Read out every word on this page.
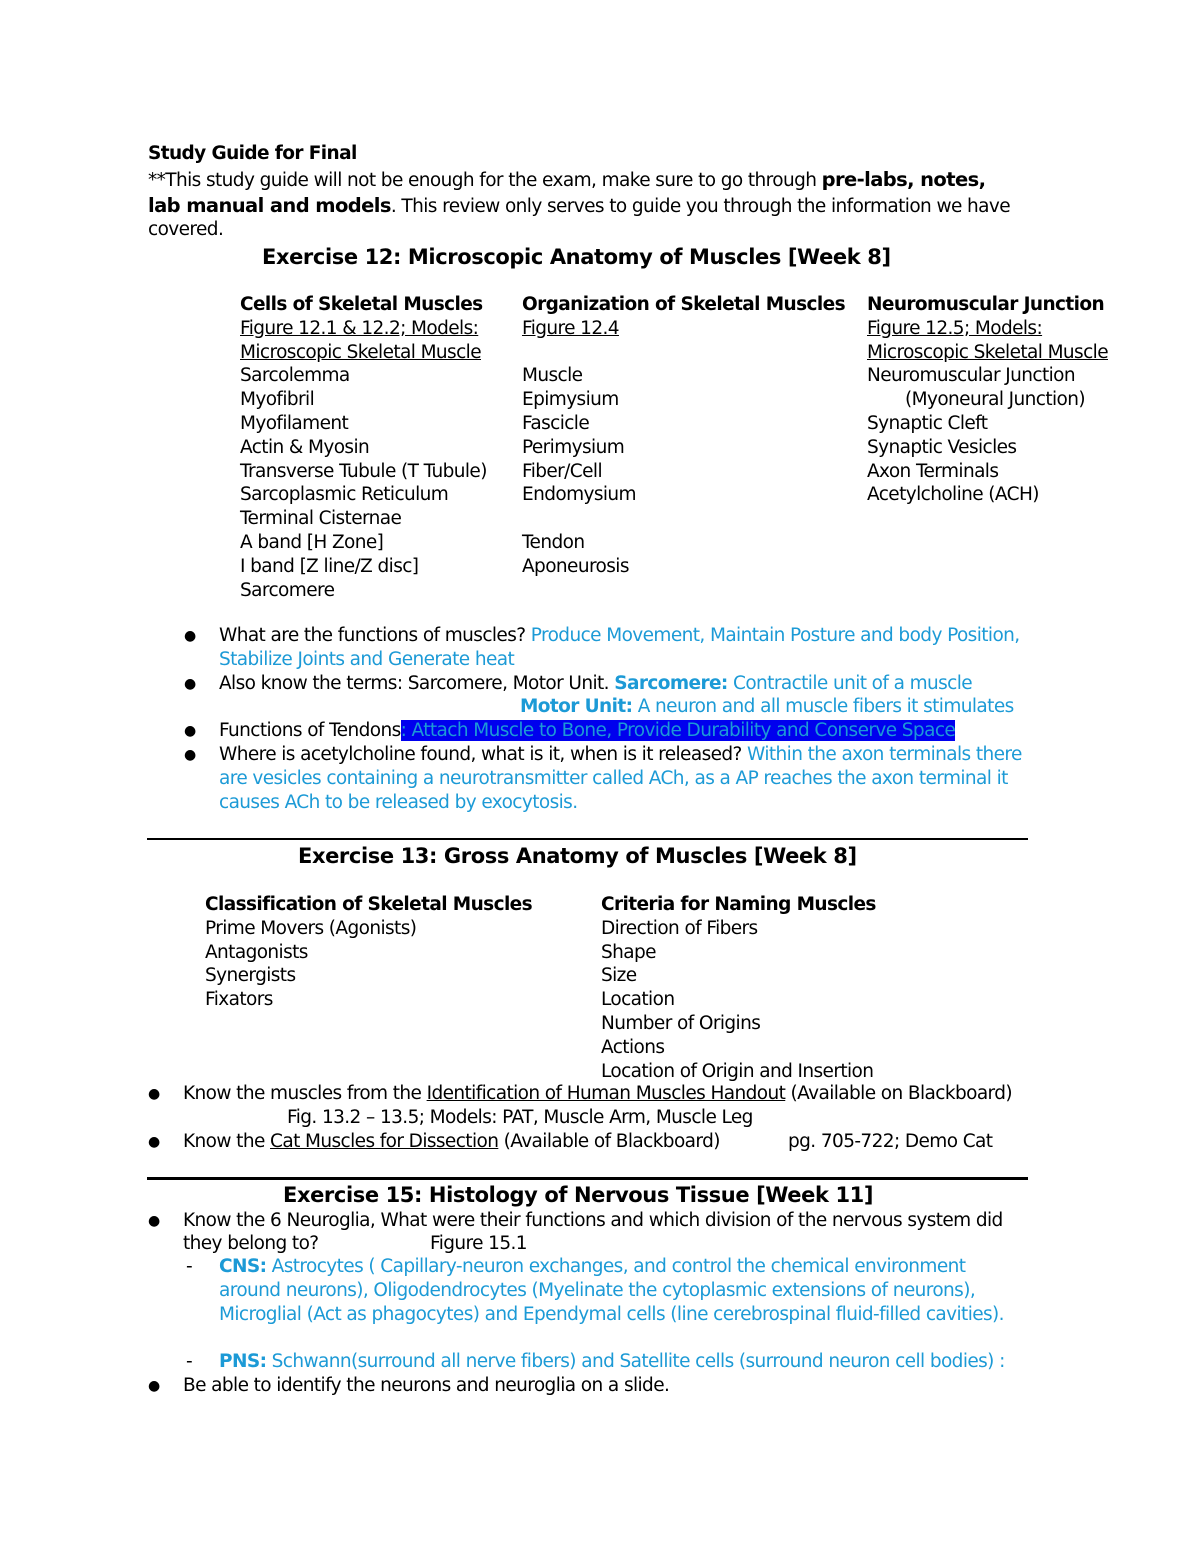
Study Guide for Final
**This study guide will not be enough for the exam, make sure to go through pre-labs, notes,
lab manual and models. This review only serves to guide you through the information we have
covered.
Exercise 12: Microscopic Anatomy of Muscles [Week 8]
Cells of Skeletal Muscles
Figure 12.1 & 12.2; Models:
Microscopic Skeletal Muscle
Sarcolemma
Myofibril
Myofilament
Actin & Myosin
Transverse Tubule (T Tubule)
Sarcoplasmic Reticulum
Terminal Cisternae
A band [H Zone]
I band [Z line/Z disc]
Sarcomere
Organization of Skeletal Muscles
Figure 12.4

Muscle
Epimysium
Fascicle
Perimysium
Fiber/Cell
Endomysium

Tendon
Aponeurosis
Neuromuscular Junction
Figure 12.5; Models:
Microscopic Skeletal Muscle
Neuromuscular Junction
(Myoneural Junction)
Synaptic Cleft
Synaptic Vesicles
Axon Terminals
Acetylcholine (ACH)
● What are the functions of muscles? Produce Movement, Maintain Posture and body Position,
Stabilize Joints and Generate heat
● Also know the terms: Sarcomere, Motor Unit. Sarcomere: Contractile unit of a muscle
Motor Unit: A neuron and all muscle fibers it stimulates
● Functions of Tendons: Attach Muscle to Bone, Provide Durability and Conserve Space
● Where is acetylcholine found, what is it, when is it released? Within the axon terminals there
are vesicles containing a neurotransmitter called ACh, as a AP reaches the axon terminal it
causes ACh to be released by exocytosis.
Exercise 13: Gross Anatomy of Muscles [Week 8]
Classification of Skeletal Muscles
Prime Movers (Agonists)
Antagonists
Synergists
Fixators
Criteria for Naming Muscles
Direction of Fibers
Shape
Size
Location
Number of Origins
Actions
Location of Origin and Insertion
● Know the muscles from the Identification of Human Muscles Handout (Available on Blackboard)
Fig. 13.2 – 13.5; Models: PAT, Muscle Arm, Muscle Leg
● Know the Cat Muscles for Dissection (Available of Blackboard)	pg. 705-722; Demo Cat
Exercise 15: Histology of Nervous Tissue [Week 11]
● Know the 6 Neuroglia, What were their functions and which division of the nervous system did
they belong to?	Figure 15.1
- CNS: Astrocytes ( Capillary-neuron exchanges, and control the chemical environment
around neurons), Oligodendrocytes (Myelinate the cytoplasmic extensions of neurons),
Microglial (Act as phagocytes) and Ependymal cells (line cerebrospinal fluid-filled cavities).
- PNS: Schwann(surround all nerve fibers) and Satellite cells (surround neuron cell bodies) :
● Be able to identify the neurons and neuroglia on a slide.
